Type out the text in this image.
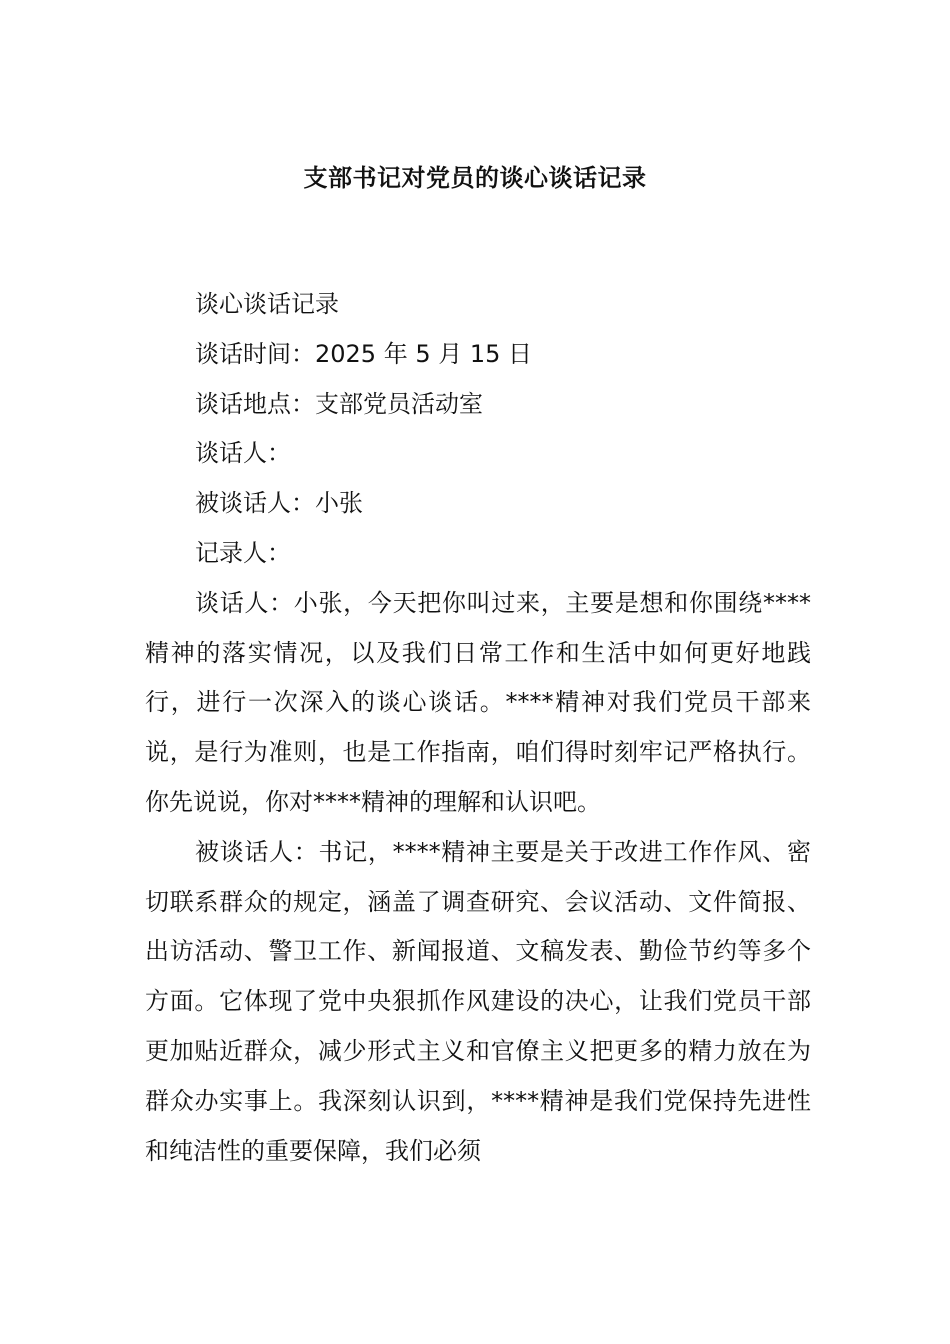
支部书记对党员的谈心谈话记录
谈心谈话记录
谈话时间：2025 年 5 月 15 日
谈话地点：支部党员活动室
谈话人：
被谈话人：小张
记录人：
谈话人：小张，今天把你叫过来，主要是想和你围绕****精神的落实情况，以及我们日常工作和生活中如何更好地践行，进行一次深入的谈心谈话。****精神对我们党员干部来说，是行为准则，也是工作指南，咱们得时刻牢记严格执行。你先说说，你对****精神的理解和认识吧。
被谈话人：书记，****精神主要是关于改进工作作风、密切联系群众的规定，涵盖了调查研究、会议活动、文件简报、出访活动、警卫工作、新闻报道、文稿发表、勤俭节约等多个方面。它体现了党中央狠抓作风建设的决心，让我们党员干部更加贴近群众，减少形式主义和官僚主义把更多的精力放在为群众办实事上。我深刻认识到，****精神是我们党保持先进性和纯洁性的重要保障，我们必须
